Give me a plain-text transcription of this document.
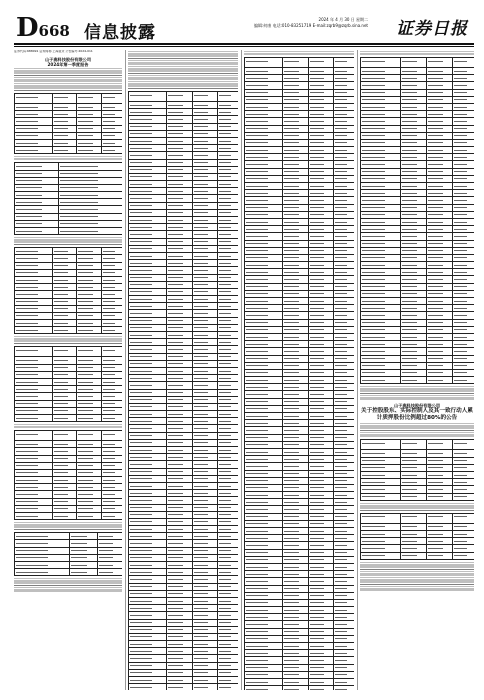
D668 信息披露
2024 年 4 月 30 日 星期二
编辑:何康 电话:010-83251719 E-mail:zqrb9@zqrb.sina.net 证券日报
证券代码:688091 证券简称:上海谊众 公告编号:2024-011
山子高科技股份有限公司
2024年第一季度报告
山子高科技股份有限公司
关于控股股东、实际控制人及其一致行动人累计质押股份比例超过80%的公告
